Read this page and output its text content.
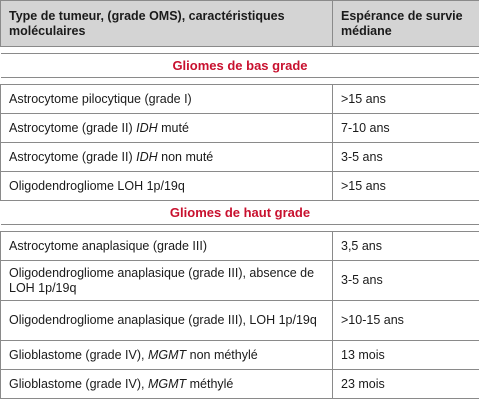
Type de tumeur, (grade OMS), caractéristiques moléculaires	Espérance de survie médiane

Gliomes de bas grade	

Astrocytome pilocytique (grade I)	>15 ans
Astrocytome (grade II) IDH muté	7-10 ans
Astrocytome (grade II) IDH non muté	3-5 ans
Oligodendrogliome LOH 1p/19q	>15 ans
Gliomes de haut grade	

Astrocytome anaplasique (grade III)	3,5 ans
Oligodendrogliome anaplasique (grade III), absence de LOH 1p/19q	3-5 ans
Oligodendrogliome anaplasique (grade III), LOH 1p/19q	>10-15 ans
Glioblastome (grade IV), MGMT non méthylé	13 mois
Glioblastome (grade IV), MGMT méthylé	23 mois
